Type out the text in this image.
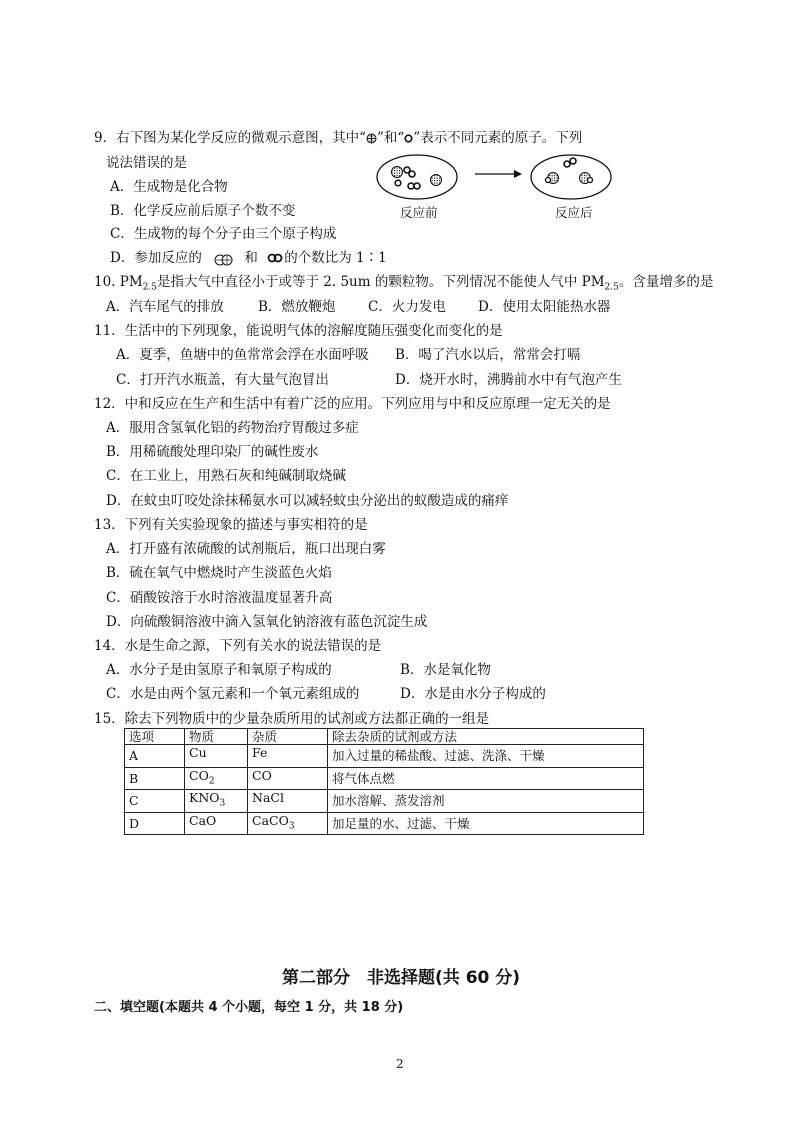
9．右下图为某化学反应的微观示意图，其中“ ”和“ ”表示不同元素的原子。下列
说法错误的是
A．生成物是化合物
B．化学反应前后原子个数不变
C．生成物的每个分子由三个原子构成
D．参加反应的	和 的个数比为 1∶1
反应前	反应后
10. $PM_{2.5}$是指大气中直径小于或等于 2. 5um 的颗粒物。下列情况不能使人气中 $PM_{2.5}$。含量增多的是
A．汽车尾气的排放	B．燃放鞭炮 C．火力发电 D．使用太阳能热水器
11．生活中的下列现象，能说明气体的溶解度随压强变化而变化的是
A．夏季，鱼塘中的鱼常常会浮在水面呼吸 B．喝了汽水以后，常常会打嗝
C．打开汽水瓶盖，有大量气泡冒出	D．烧开水时，沸腾前水中有气泡产生
12．中和反应在生产和生活中有着广泛的应用。下列应用与中和反应原理一定无关的是
A．服用含氢氧化铝的药物治疗胃酸过多症
B．用稀硫酸处理印染厂的碱性废水
C．在工业上，用熟石灰和纯碱制取烧碱
D．在蚊虫叮咬处涂抹稀氨水可以减轻蚊虫分泌出的蚁酸造成的痛痒
13．下列有关实验现象的描述与事实相符的是
A．打开盛有浓硫酸的试剂瓶后，瓶口出现白雾
B．硫在氧气中燃烧时产生淡蓝色火焰
C．硝酸铵溶于水时溶液温度显著升高
D．向硫酸铜溶液中滴入氢氧化钠溶液有蓝色沉淀生成
14．水是生命之源，下列有关水的说法错误的是
A．水分子是由氢原子和氧原子构成的	B．水是氧化物
C．水是由两个氢元素和一个氧元素组成的	D．水是由水分子构成的
15．除去下列物质中的少量杂质所用的试剂或方法都正确的一组是
选项	物质	杂质	除去杂质的试剂或方法
A	Cu	Fe	加入过量的稀盐酸、过滤、洗涤、干燥
B	$CO_2$	CO	将气体点燃
C	$KNO_3$	NaCl	加水溶解、蒸发溶剂
D	CaO	CaCO$_3$	加足量的水、过滤、干燥
第二部分　非选择题(共 60 分)
二、填空题(本题共 4 个小题，每空 1 分，共 18 分)
2
